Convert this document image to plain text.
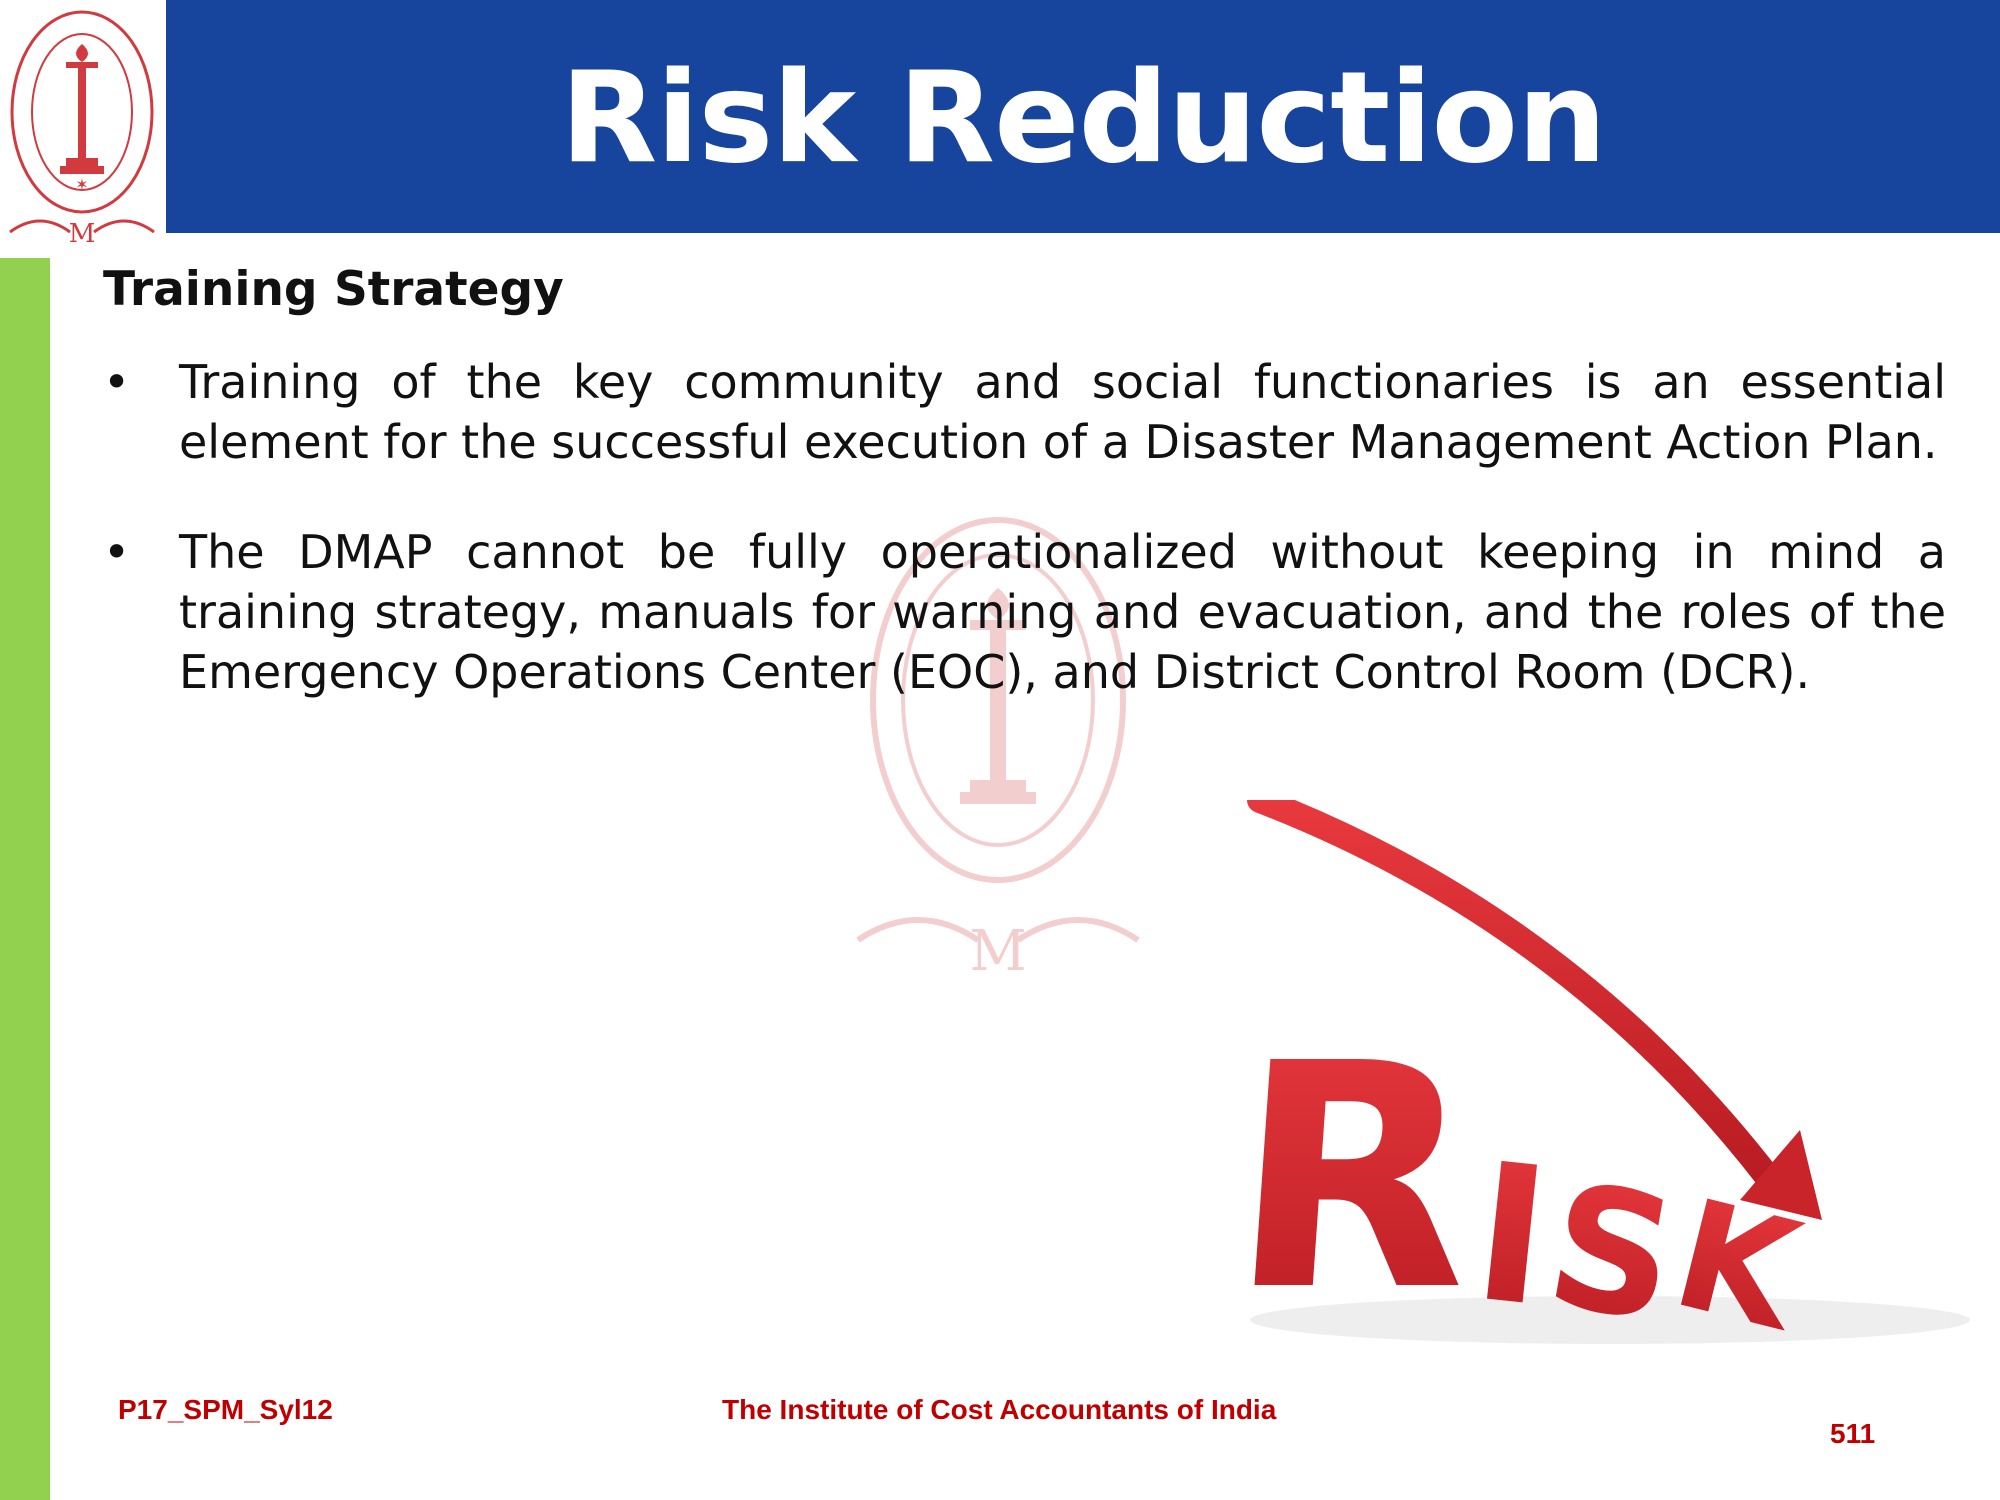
✶
M
Risk Reduction
M
R
I
S
K
Training Strategy
•	Training of the key community and social functionaries is an essential element for the successful execution of a Disaster Management Action Plan.
•	The DMAP cannot be fully operationalized without keeping in mind a training strategy, manuals for warning and evacuation, and the roles of the Emergency Operations Center (EOC), and District Control Room (DCR).
P17_SPM_Syl12	The Institute of Cost Accountants of India
511
